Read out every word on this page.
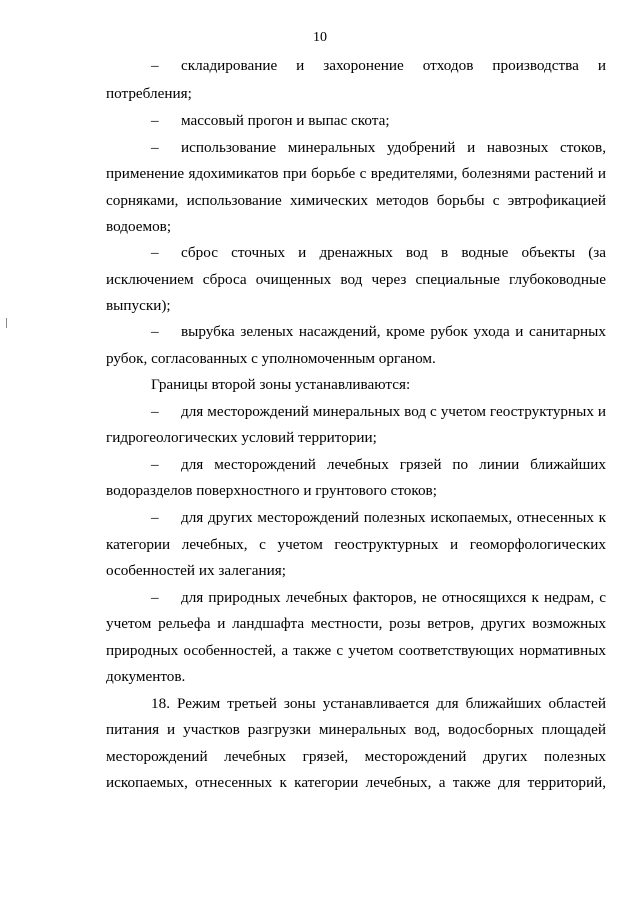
10
–	складирование и захоронение отходов производства и
потребления;
–	массовый прогон и выпас скота;
–	использование минеральных удобрений и навозных стоков,
применение ядохимикатов при борьбе с вредителями, болезнями растений и
сорняками, использование химических методов борьбы с эвтрофикацией
водоемов;
–	сброс сточных и дренажных вод в водные объекты (за
исключением сброса очищенных вод через специальные глубоководные
выпуски);
–	вырубка зеленых насаждений, кроме рубок ухода и санитарных
рубок, согласованных с уполномоченным органом.
Границы второй зоны устанавливаются:
–	для месторождений минеральных вод с учетом геоструктурных и
гидрогеологических условий территории;
–	для месторождений лечебных грязей по линии ближайших
водоразделов поверхностного и грунтового стоков;
–	для других месторождений полезных ископаемых, отнесенных к
категории лечебных, с учетом геоструктурных и геоморфологических
особенностей их залегания;
–	для природных лечебных факторов, не относящихся к недрам, с
учетом рельефа и ландшафта местности, розы ветров, других возможных
природных особенностей, а также с учетом соответствующих нормативных
документов.
18. Режим третьей зоны устанавливается для ближайших областей
питания и участков разгрузки минеральных вод, водосборных площадей
месторождений лечебных грязей, месторождений других полезных
ископаемых, отнесенных к категории лечебных, а также для территорий,
